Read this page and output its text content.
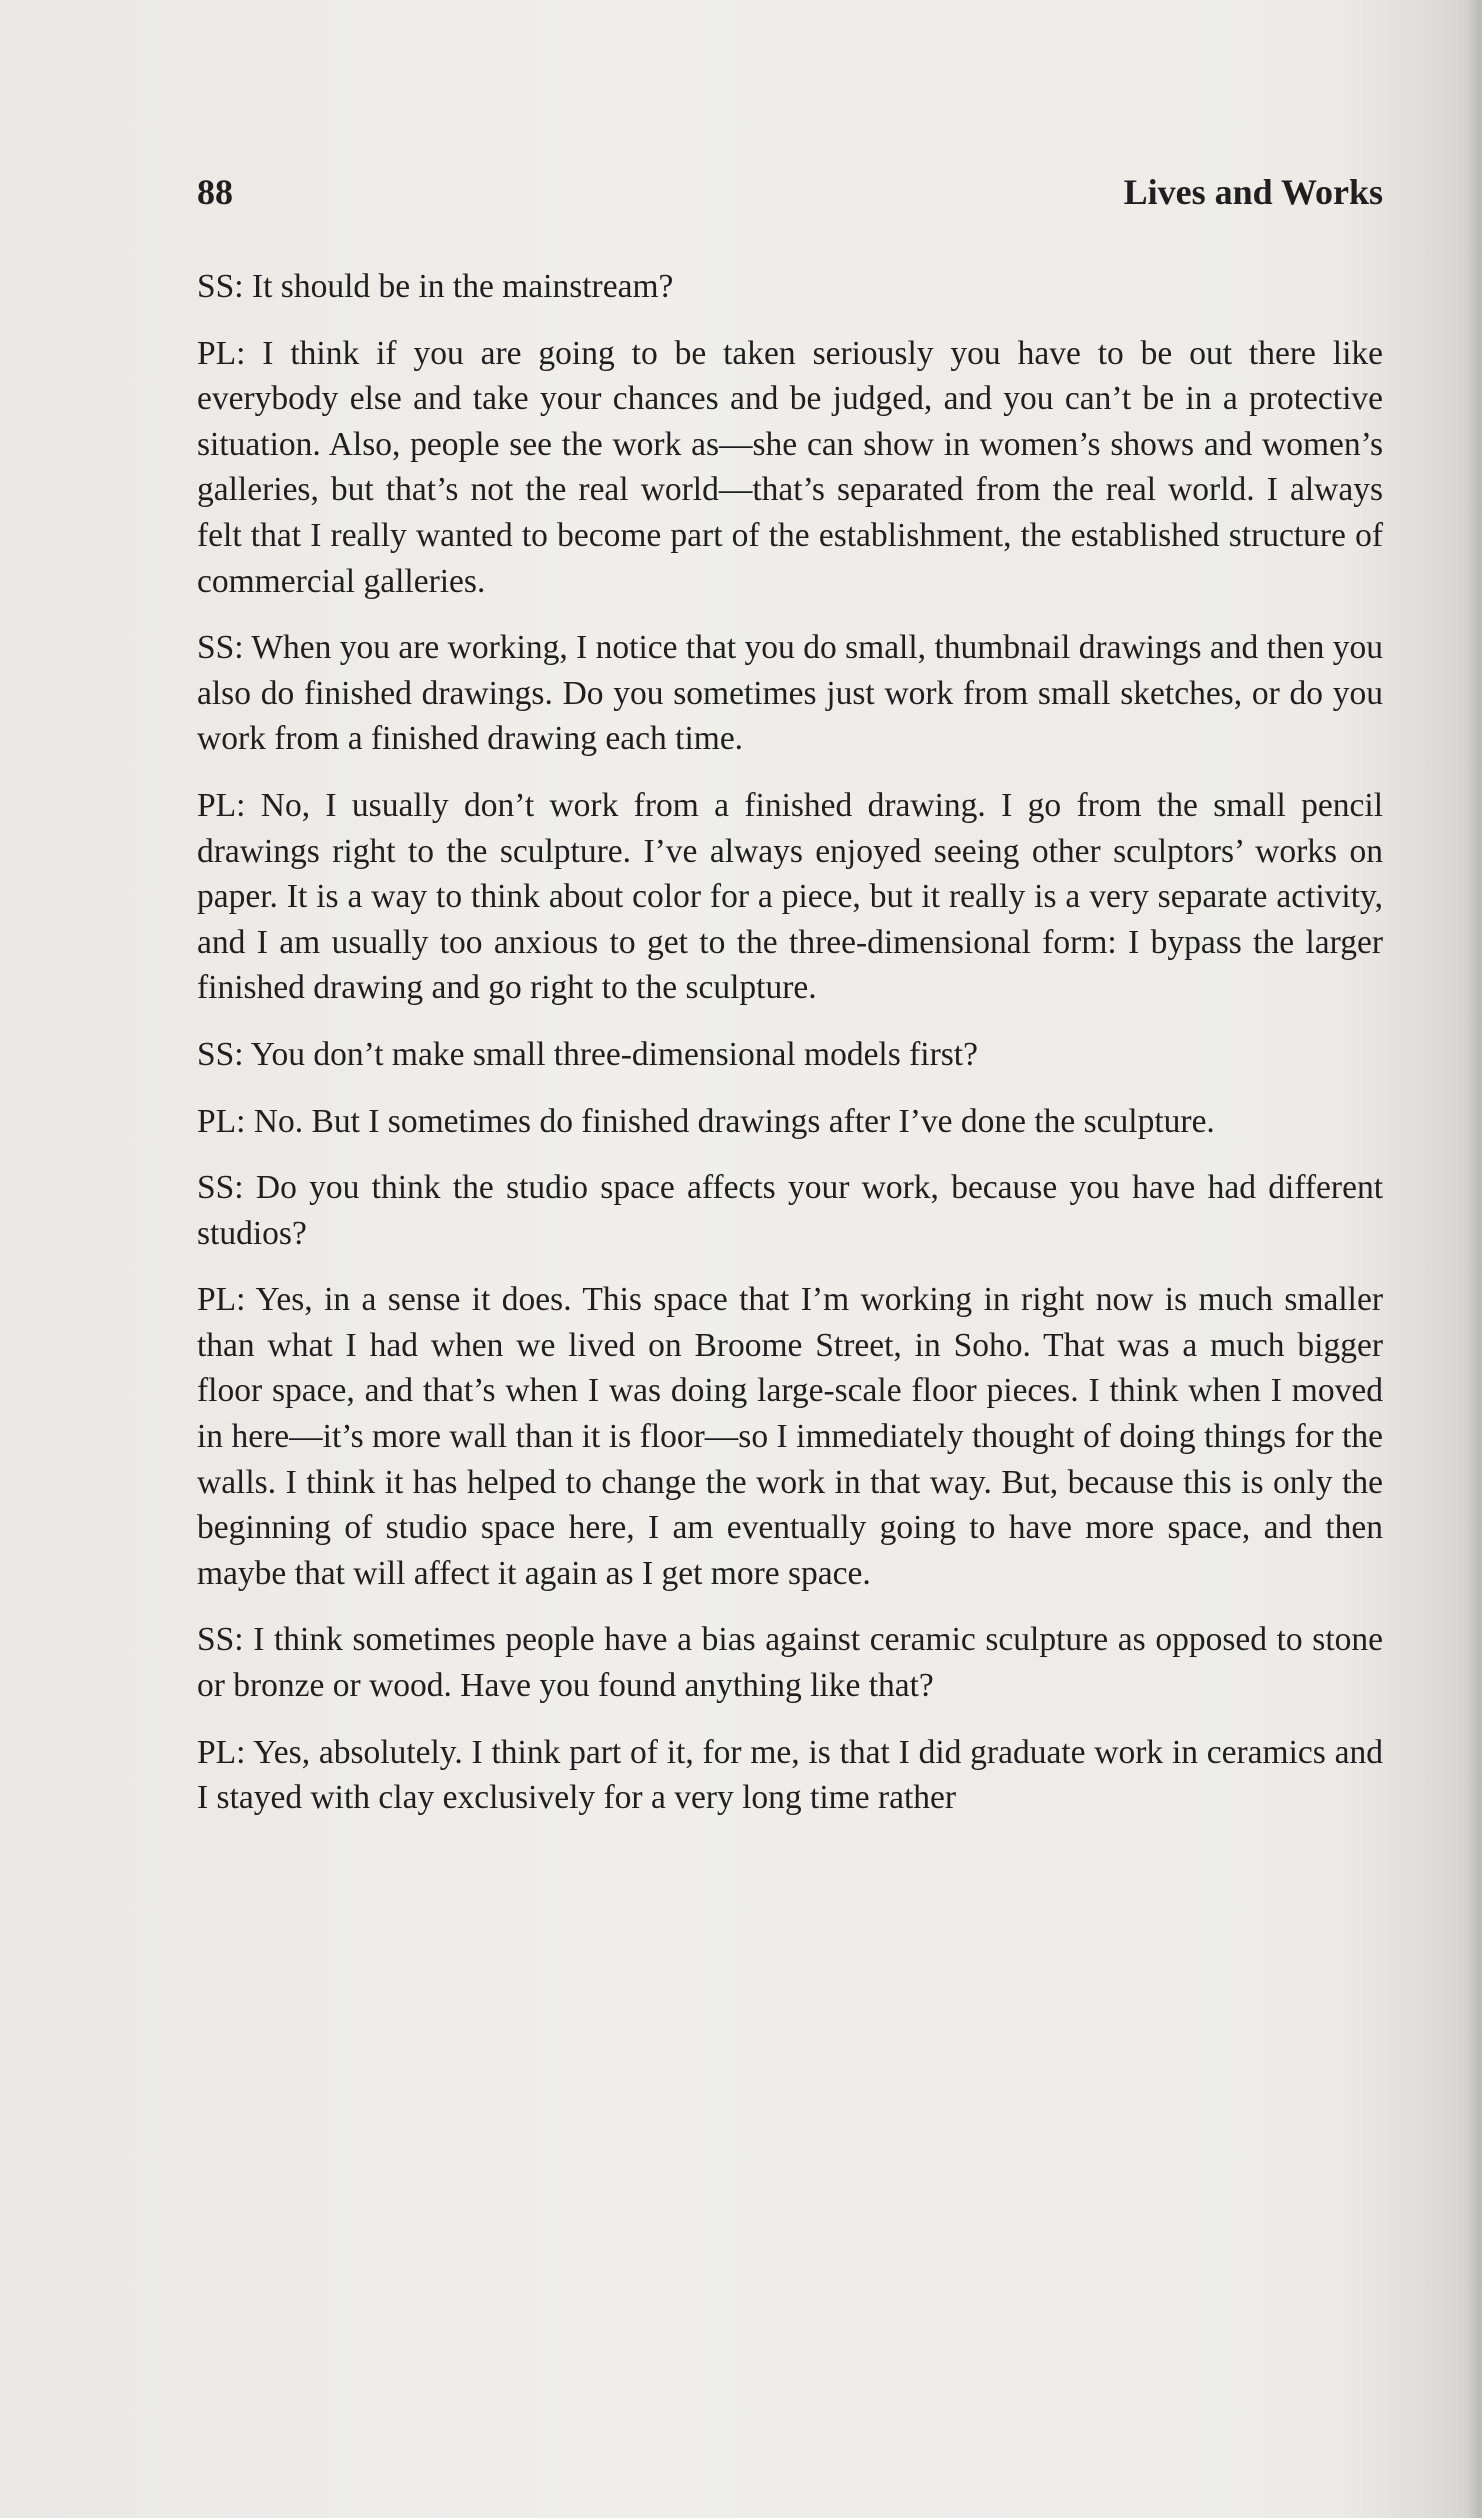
88	Lives and Works

SS: It should be in the mainstream?

PL: I think if you are going to be taken seriously you have to be out there like everybody else and take your chances and be judged, and you can’t be in a protective situation. Also, people see the work as—she can show in women’s shows and women’s galleries, but that’s not the real world—that’s separated from the real world. I always felt that I really wanted to become part of the establishment, the established structure of commercial galleries.

SS: When you are working, I notice that you do small, thumbnail drawings and then you also do finished drawings. Do you sometimes just work from small sketches, or do you work from a finished drawing each time.

PL: No, I usually don’t work from a finished drawing. I go from the small pencil drawings right to the sculpture. I’ve always enjoyed seeing other sculptors’ works on paper. It is a way to think about color for a piece, but it really is a very separate activity, and I am usually too anxious to get to the three-dimensional form: I bypass the larger finished drawing and go right to the sculpture.

SS: You don’t make small three-dimensional models first?

PL: No. But I sometimes do finished drawings after I’ve done the sculpture.

SS: Do you think the studio space affects your work, because you have had different studios?

PL: Yes, in a sense it does. This space that I’m working in right now is much smaller than what I had when we lived on Broome Street, in Soho. That was a much bigger floor space, and that’s when I was doing large-scale floor pieces. I think when I moved in here—it’s more wall than it is floor—so I immediately thought of doing things for the walls. I think it has helped to change the work in that way. But, because this is only the beginning of studio space here, I am eventually going to have more space, and then maybe that will affect it again as I get more space.

SS: I think sometimes people have a bias against ceramic sculpture as opposed to stone or bronze or wood. Have you found anything like that?

PL: Yes, absolutely. I think part of it, for me, is that I did graduate work in ceramics and I stayed with clay exclusively for a very long time rather
